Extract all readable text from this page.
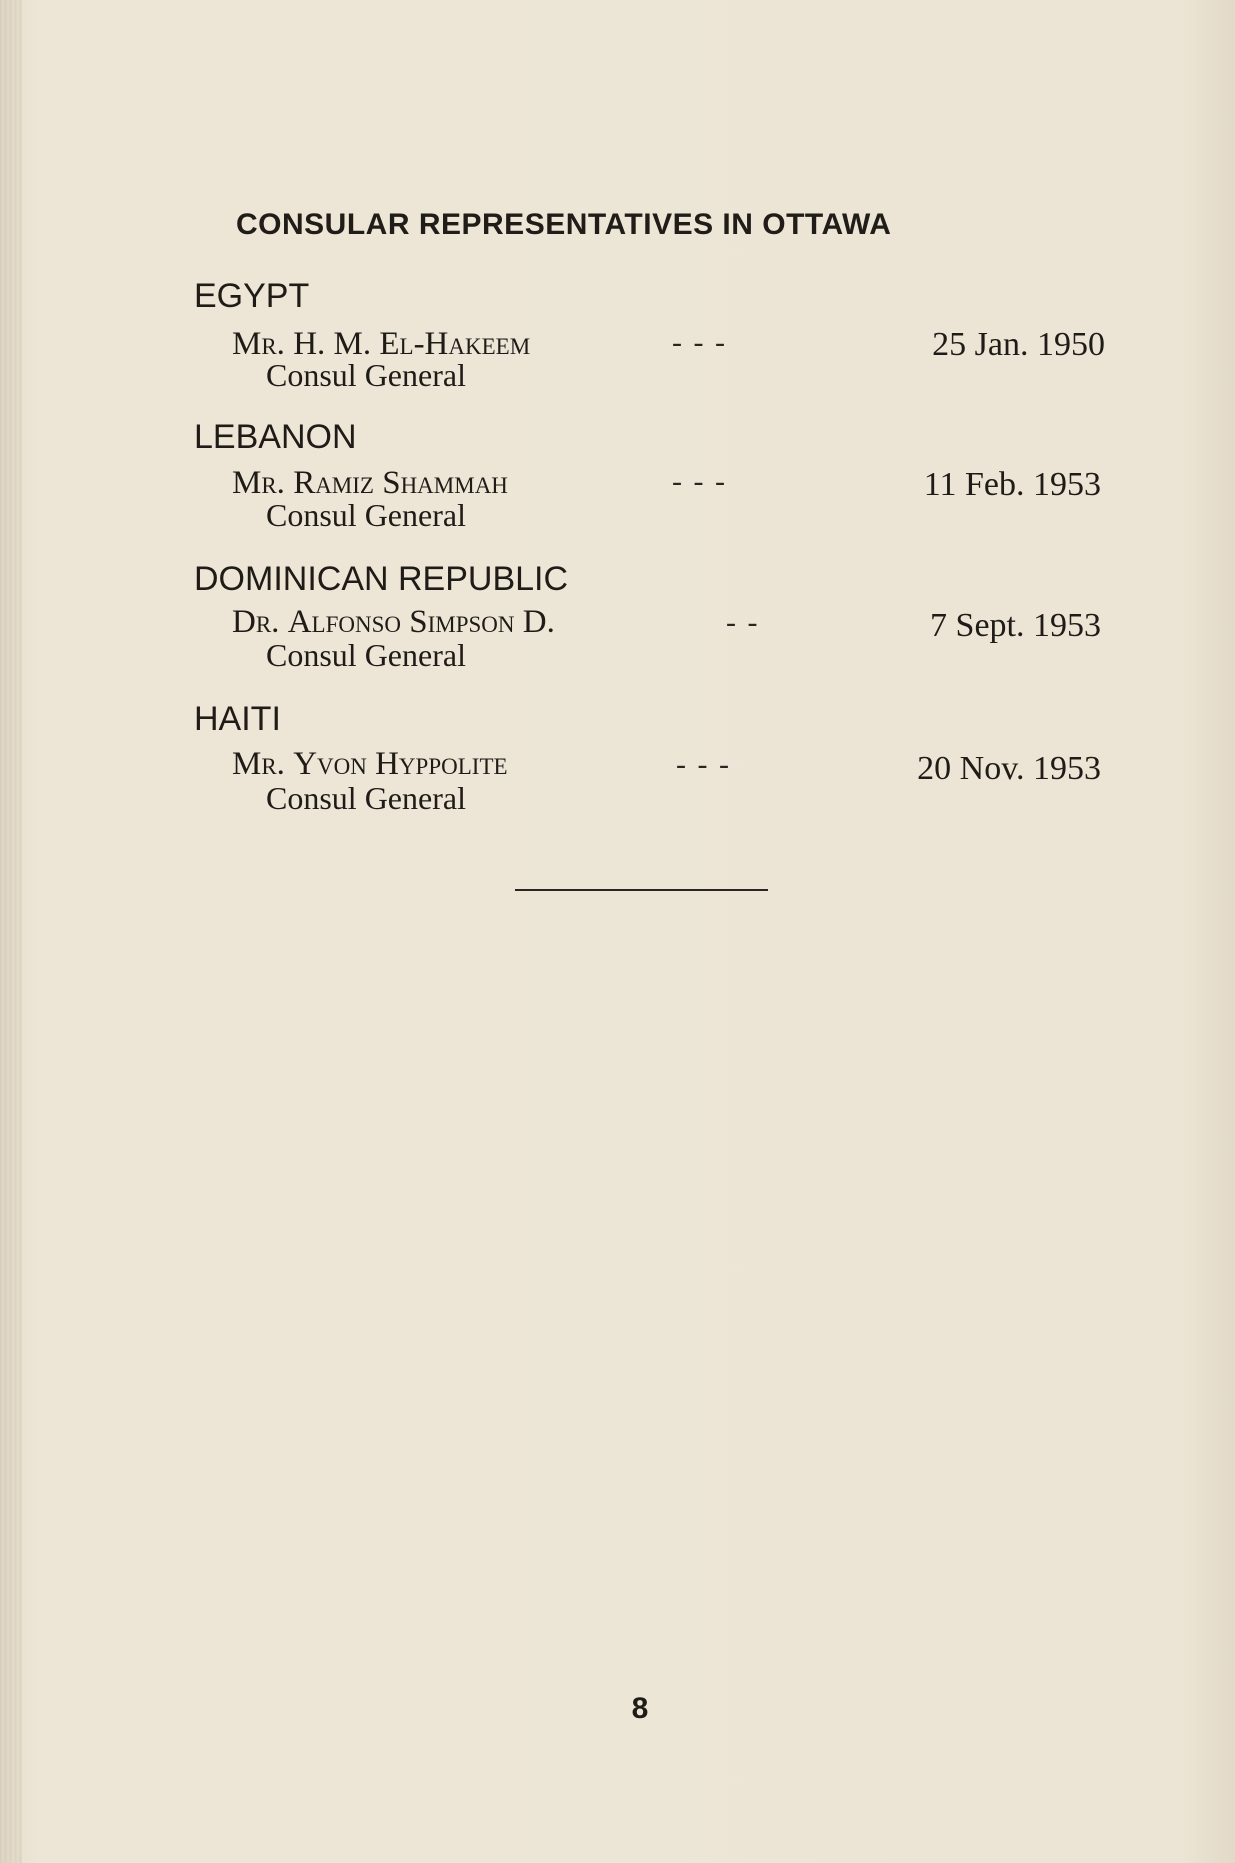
CONSULAR REPRESENTATIVES IN OTTAWA
EGYPT
Mr. H. M. El-Hakeem
Consul General
- - -	25 Jan. 1950
LEBANON
Mr. Ramiz Shammah
Consul General
- - -	11 Feb. 1953
DOMINICAN REPUBLIC
Dr. Alfonso Simpson D.
Consul General
- -	7 Sept. 1953
HAITI
Mr. Yvon Hyppolite
Consul General
- - -	20 Nov. 1953
8
